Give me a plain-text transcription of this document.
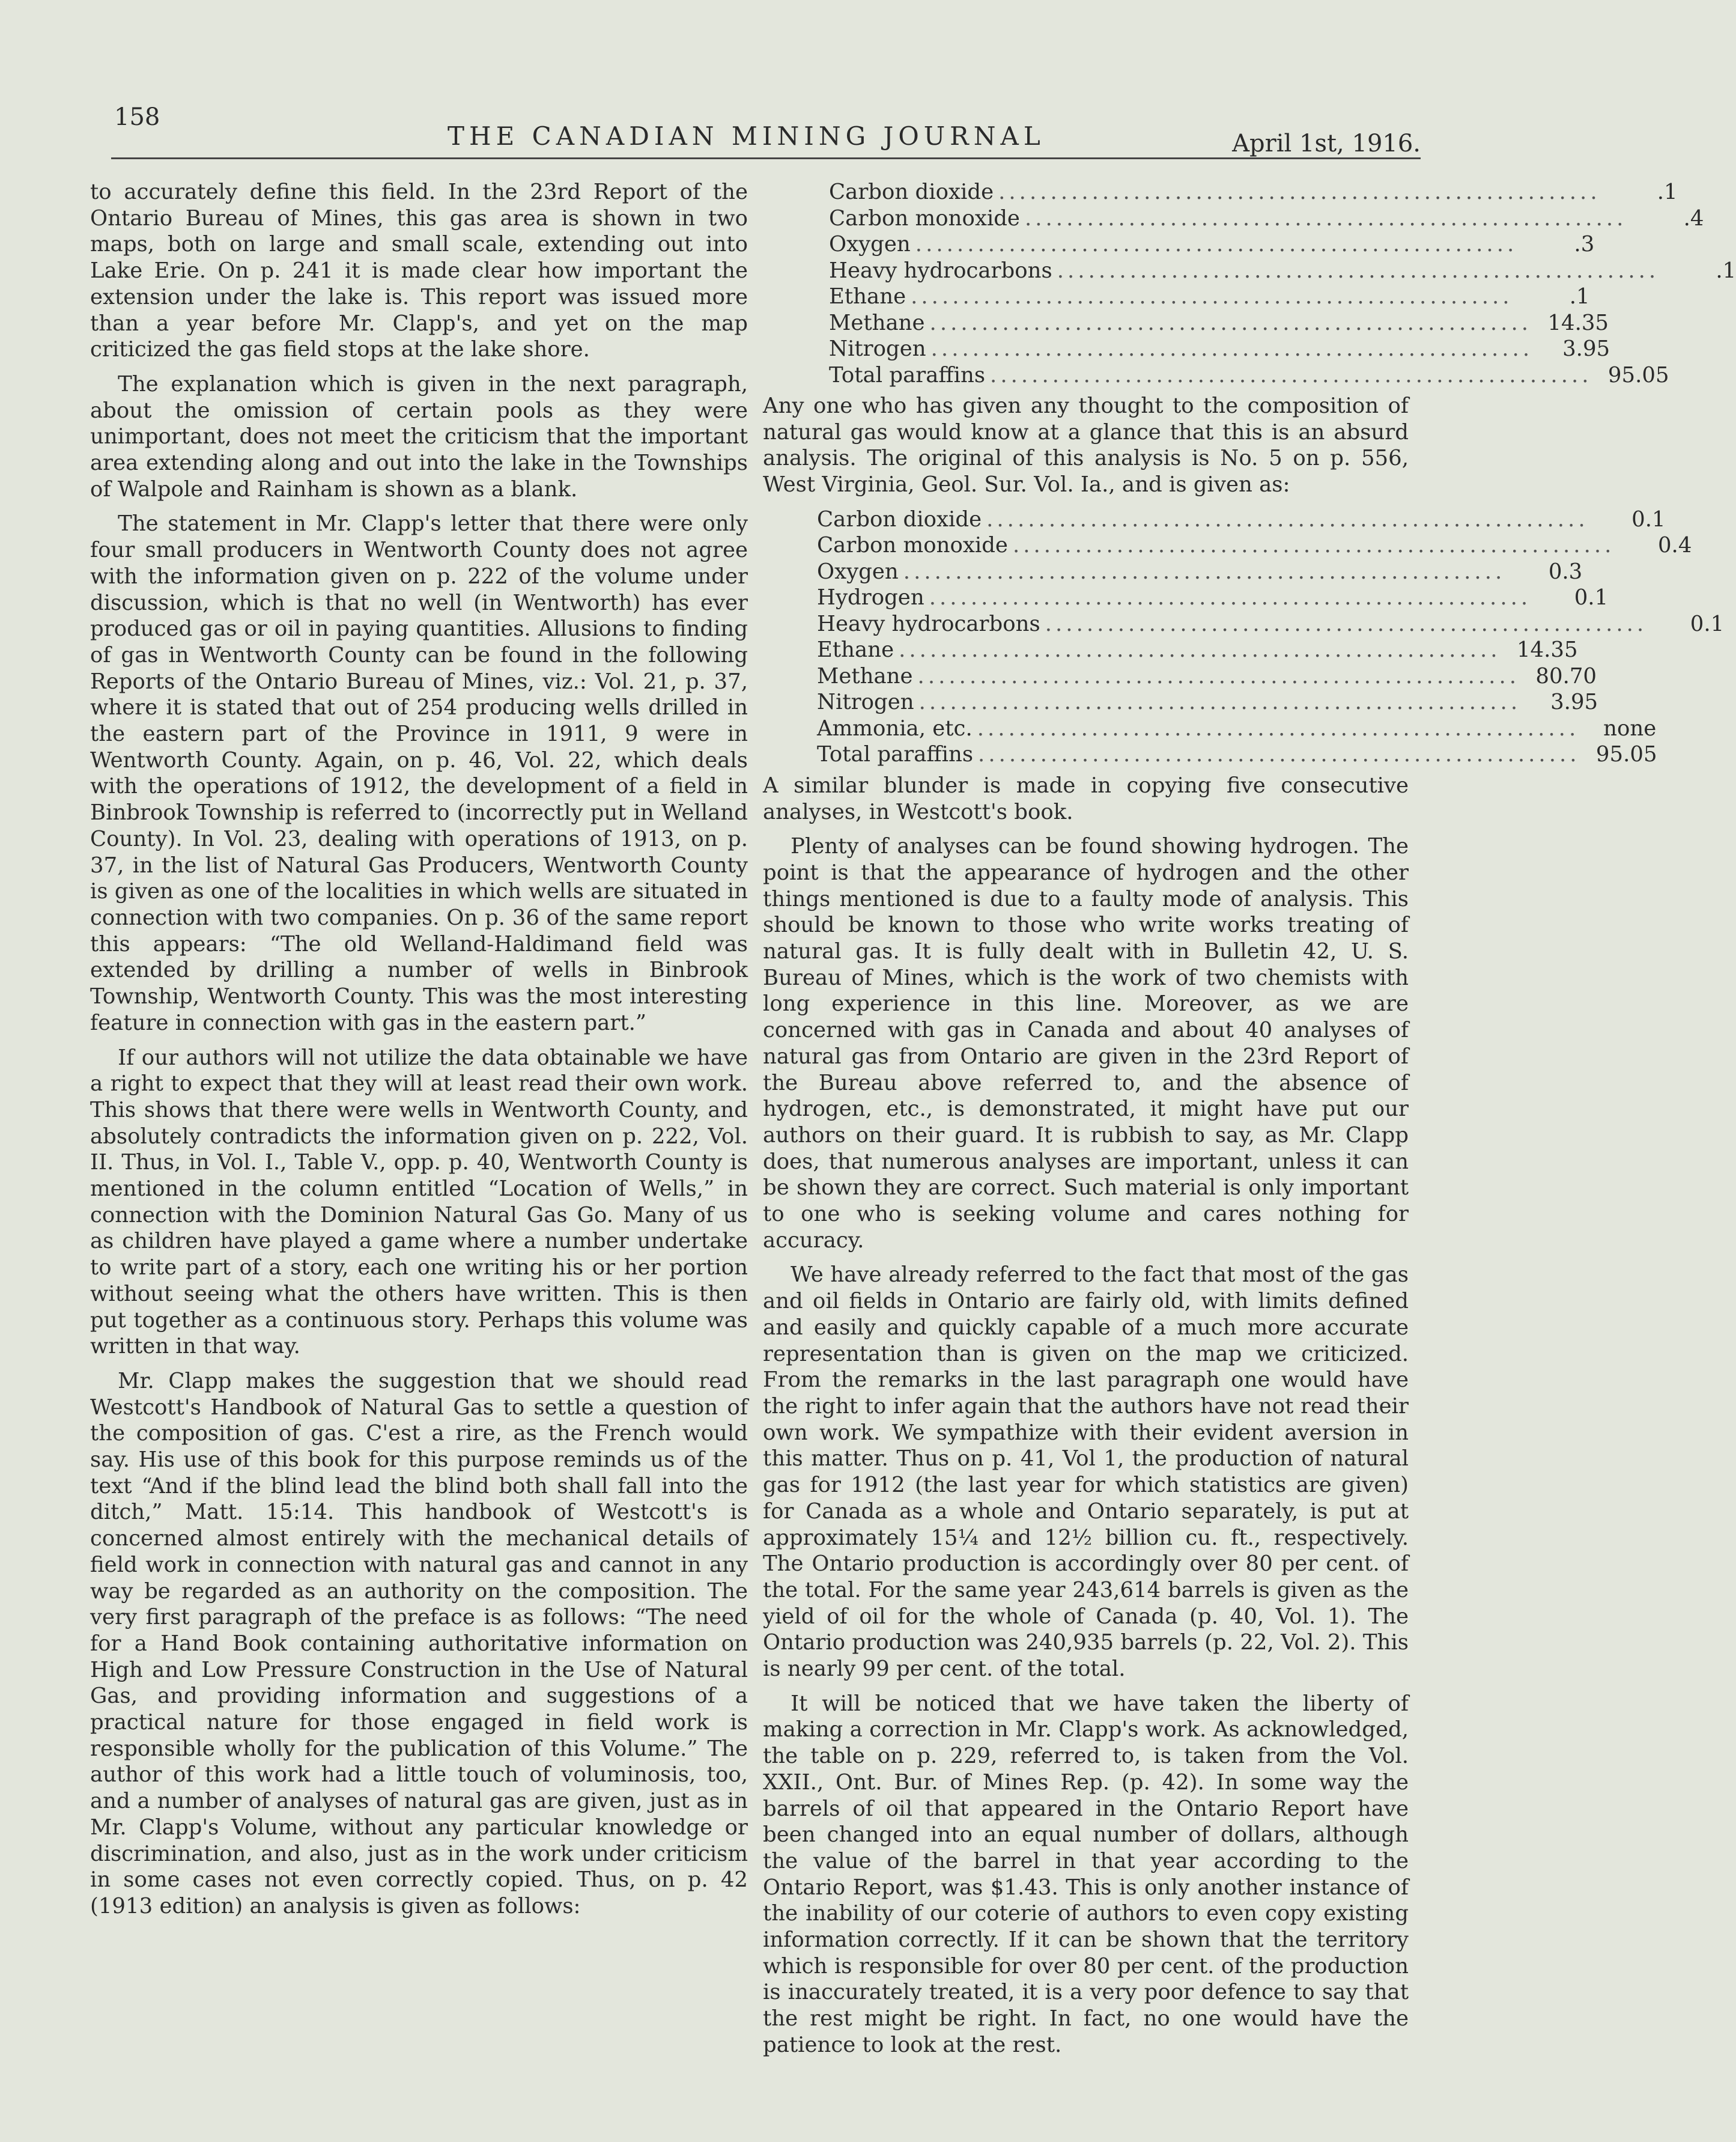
158
THE CANADIAN MINING JOURNAL	April 1st, 1916.

to accurately define this field. In the 23rd Report of the Ontario Bureau of Mines, this gas area is shown in two maps, both on large and small scale, extending out into Lake Erie. On p. 241 it is made clear how important the extension under the lake is. This report was issued more than a year before Mr. Clapp's, and yet on the map criticized the gas field stops at the lake shore.

The explanation which is given in the next paragraph, about the omission of certain pools as they were unimportant, does not meet the criticism that the important area extending along and out into the lake in the Townships of Walpole and Rainham is shown as a blank.

The statement in Mr. Clapp's letter that there were only four small producers in Wentworth County does not agree with the information given on p. 222 of the volume under discussion, which is that no well (in Wentworth) has ever produced gas or oil in paying quantities. Allusions to finding of gas in Wentworth County can be found in the following Reports of the Ontario Bureau of Mines, viz.: Vol. 21, p. 37, where it is stated that out of 254 producing wells drilled in the eastern part of the Province in 1911, 9 were in Wentworth County. Again, on p. 46, Vol. 22, which deals with the operations of 1912, the development of a field in Binbrook Township is referred to (incorrectly put in Welland County). In Vol. 23, dealing with operations of 1913, on p. 37, in the list of Natural Gas Producers, Wentworth County is given as one of the localities in which wells are situated in connection with two companies. On p. 36 of the same report this appears: “The old Welland-Haldimand field was extended by drilling a number of wells in Binbrook Township, Wentworth County. This was the most interesting feature in connection with gas in the eastern part.”

If our authors will not utilize the data obtainable we have a right to expect that they will at least read their own work. This shows that there were wells in Wentworth County, and absolutely contradicts the information given on p. 222, Vol. II. Thus, in Vol. I., Table V., opp. p. 40, Wentworth County is mentioned in the column entitled “Location of Wells,” in connection with the Dominion Natural Gas Go. Many of us as children have played a game where a number undertake to write part of a story, each one writing his or her portion without seeing what the others have written. This is then put together as a continuous story. Perhaps this volume was written in that way.

Mr. Clapp makes the suggestion that we should read Westcott's Handbook of Natural Gas to settle a question of the composition of gas. C'est a rire, as the French would say. His use of this book for this purpose reminds us of the text “And if the blind lead the blind both shall fall into the ditch,” Matt. 15:14. This handbook of Westcott's is concerned almost entirely with the mechanical details of field work in connection with natural gas and cannot in any way be regarded as an authority on the composition. The very first paragraph of the preface is as follows: “The need for a Hand Book containing authoritative information on High and Low Pressure Construction in the Use of Natural Gas, and providing information and suggestions of a practical nature for those engaged in field work is responsible wholly for the publication of this Volume.” The author of this work had a little touch of voluminosis, too, and a number of analyses of natural gas are given, just as in Mr. Clapp's Volume, without any particular knowledge or discrimination, and also, just as in the work under criticism in some cases not even correctly copied. Thus, on p. 42 (1913 edition) an analysis is given as follows:

Carbon dioxide ..........................................................	.1
Carbon monoxide ..........................................................	.4
Oxygen ..........................................................	.3
Heavy hydrocarbons ..........................................................	.1
Ethane ..........................................................	.1
Methane .......................................................... 14.35
Nitrogen ..........................................................	3.95
Total paraffins .......................................................... 95.05

Any one who has given any thought to the composition of natural gas would know at a glance that this is an absurd analysis. The original of this analysis is No. 5 on p. 556, West Virginia, Geol. Sur. Vol. Ia., and is given as:

Carbon dioxide ..........................................................	0.1
Carbon monoxide ..........................................................	0.4
Oxygen ..........................................................	0.3
Hydrogen ..........................................................	0.1
Heavy hydrocarbons ..........................................................	0.1
Ethane .......................................................... 14.35
Methane .......................................................... 80.70
Nitrogen ..........................................................	3.95
Ammonia, etc. ..........................................................	none
Total paraffins .......................................................... 95.05

A similar blunder is made in copying five consecutive analyses, in Westcott's book.

Plenty of analyses can be found showing hydrogen. The point is that the appearance of hydrogen and the other things mentioned is due to a faulty mode of analysis. This should be known to those who write works treating of natural gas. It is fully dealt with in Bulletin 42, U. S. Bureau of Mines, which is the work of two chemists with long experience in this line. Moreover, as we are concerned with gas in Canada and about 40 analyses of natural gas from Ontario are given in the 23rd Report of the Bureau above referred to, and the absence of hydrogen, etc., is demonstrated, it might have put our authors on their guard. It is rubbish to say, as Mr. Clapp does, that numerous analyses are important, unless it can be shown they are correct. Such material is only important to one who is seeking volume and cares nothing for accuracy.

We have already referred to the fact that most of the gas and oil fields in Ontario are fairly old, with limits defined and easily and quickly capable of a much more accurate representation than is given on the map we criticized. From the remarks in the last paragraph one would have the right to infer again that the authors have not read their own work. We sympathize with their evident aversion in this matter. Thus on p. 41, Vol 1, the production of natural gas for 1912 (the last year for which statistics are given) for Canada as a whole and Ontario separately, is put at approximately 15¼ and 12½ billion cu. ft., respectively. The Ontario production is accordingly over 80 per cent. of the total. For the same year 243,614 barrels is given as the yield of oil for the whole of Canada (p. 40, Vol. 1). The Ontario production was 240,935 barrels (p. 22, Vol. 2). This is nearly 99 per cent. of the total.

It will be noticed that we have taken the liberty of making a correction in Mr. Clapp's work. As acknowledged, the table on p. 229, referred to, is taken from the Vol. XXII., Ont. Bur. of Mines Rep. (p. 42). In some way the barrels of oil that appeared in the Ontario Report have been changed into an equal number of dollars, although the value of the barrel in that year according to the Ontario Report, was $1.43. This is only another instance of the inability of our coterie of authors to even copy existing information correctly. If it can be shown that the territory which is responsible for over 80 per cent. of the production is inaccurately treated, it is a very poor defence to say that the rest might be right. In fact, no one would have the patience to look at the rest.
